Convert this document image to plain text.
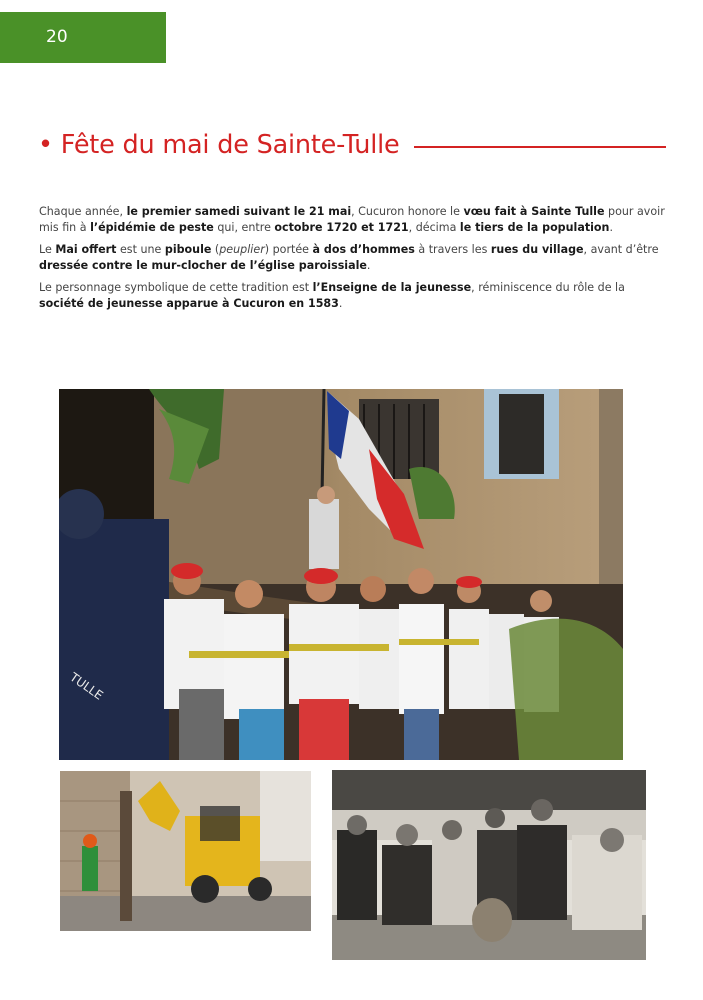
20
• Fête du mai de Sainte-Tulle

Chaque année, le premier samedi suivant le 21 mai, Cucuron honore le vœu fait à Sainte Tulle pour avoir mis fin à l’épidémie de peste qui, entre octobre 1720 et 1721, décima le tiers de la population.

Le Mai offert est une piboule (peuplier) portée à dos d’hommes à travers les rues du village, avant d’être dressée contre le mur-clocher de l’église paroissiale.

Le personnage symbolique de cette tradition est l’Enseigne de la jeunesse, réminiscence du rôle de la société de jeunesse apparue à Cucuron en 1583.

TULLE
